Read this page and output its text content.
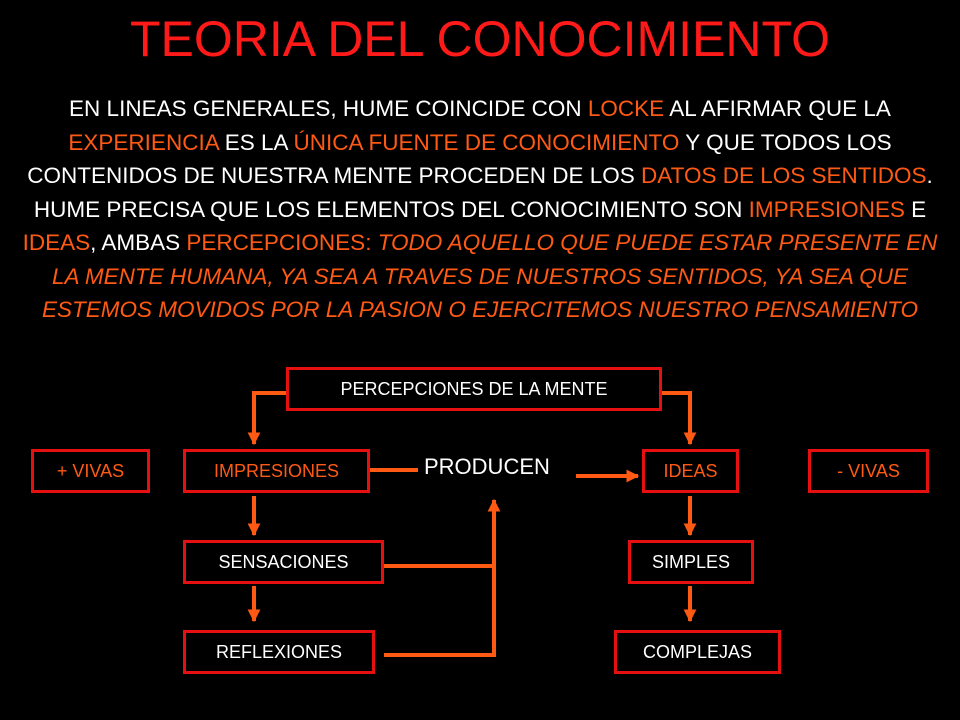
TEORIA DEL CONOCIMIENTO
EN LINEAS GENERALES, HUME COINCIDE CON LOCKE AL AFIRMAR QUE LA EXPERIENCIA ES LA ÚNICA FUENTE DE CONOCIMIENTO Y QUE TODOS LOS CONTENIDOS DE NUESTRA MENTE PROCEDEN DE LOS DATOS DE LOS SENTIDOS. HUME PRECISA QUE LOS ELEMENTOS DEL CONOCIMIENTO SON IMPRESIONES E IDEAS, AMBAS PERCEPCIONES: TODO AQUELLO QUE PUEDE ESTAR PRESENTE EN LA MENTE HUMANA, YA SEA A TRAVES DE NUESTROS SENTIDOS, YA SEA QUE ESTEMOS MOVIDOS POR LA PASION O EJERCITEMOS NUESTRO PENSAMIENTO
PERCEPCIONES DE LA MENTE
+ VIVAS	IMPRESIONES	PRODUCEN	IDEAS	- VIVAS
SENSACIONES
REFLEXIONES
SIMPLES
COMPLEJAS
